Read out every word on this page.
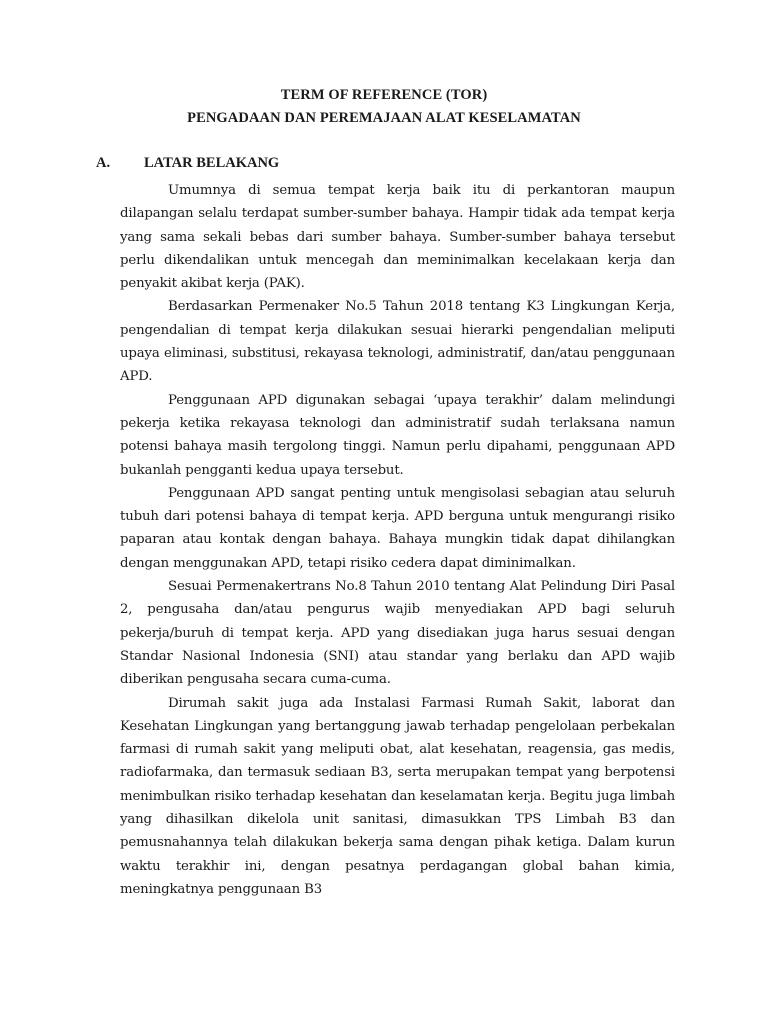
TERM OF REFERENCE (TOR)
PENGADAAN DAN PEREMAJAAN ALAT KESELAMATAN
A. LATAR BELAKANG

Umumnya di semua tempat kerja baik itu di perkantoran maupun dilapangan selalu terdapat sumber-sumber bahaya. Hampir tidak ada tempat kerja yang sama sekali bebas dari sumber bahaya. Sumber-sumber bahaya tersebut perlu dikendalikan untuk mencegah dan meminimalkan kecelakaan kerja dan penyakit akibat kerja (PAK).

Berdasarkan Permenaker No.5 Tahun 2018 tentang K3 Lingkungan Kerja, pengendalian di tempat kerja dilakukan sesuai hierarki pengendalian meliputi upaya eliminasi, substitusi, rekayasa teknologi, administratif, dan/atau penggunaan APD.

Penggunaan APD digunakan sebagai ‘upaya terakhir’ dalam melindungi pekerja ketika rekayasa teknologi dan administratif sudah terlaksana namun potensi bahaya masih tergolong tinggi. Namun perlu dipahami, penggunaan APD bukanlah pengganti kedua upaya tersebut.

Penggunaan APD sangat penting untuk mengisolasi sebagian atau seluruh tubuh dari potensi bahaya di tempat kerja. APD berguna untuk mengurangi risiko paparan atau kontak dengan bahaya. Bahaya mungkin tidak dapat dihilangkan dengan menggunakan APD, tetapi risiko cedera dapat diminimalkan.

Sesuai Permenakertrans No.8 Tahun 2010 tentang Alat Pelindung Diri Pasal 2, pengusaha dan/atau pengurus wajib menyediakan APD bagi seluruh pekerja/buruh di tempat kerja. APD yang disediakan juga harus sesuai dengan Standar Nasional Indonesia (SNI) atau standar yang berlaku dan APD wajib diberikan pengusaha secara cuma-cuma.

Dirumah sakit juga ada Instalasi Farmasi Rumah Sakit, laborat dan Kesehatan Lingkungan yang bertanggung jawab terhadap pengelolaan perbekalan farmasi di rumah sakit yang meliputi obat, alat kesehatan, reagensia, gas medis, radiofarmaka, dan termasuk sediaan B3, serta merupakan tempat yang berpotensi menimbulkan risiko terhadap kesehatan dan keselamatan kerja. Begitu juga limbah yang dihasilkan dikelola unit sanitasi, dimasukkan TPS Limbah B3 dan pemusnahannya telah dilakukan bekerja sama dengan pihak ketiga. Dalam kurun waktu terakhir ini, dengan pesatnya perdagangan global bahan kimia, meningkatnya penggunaan B3
